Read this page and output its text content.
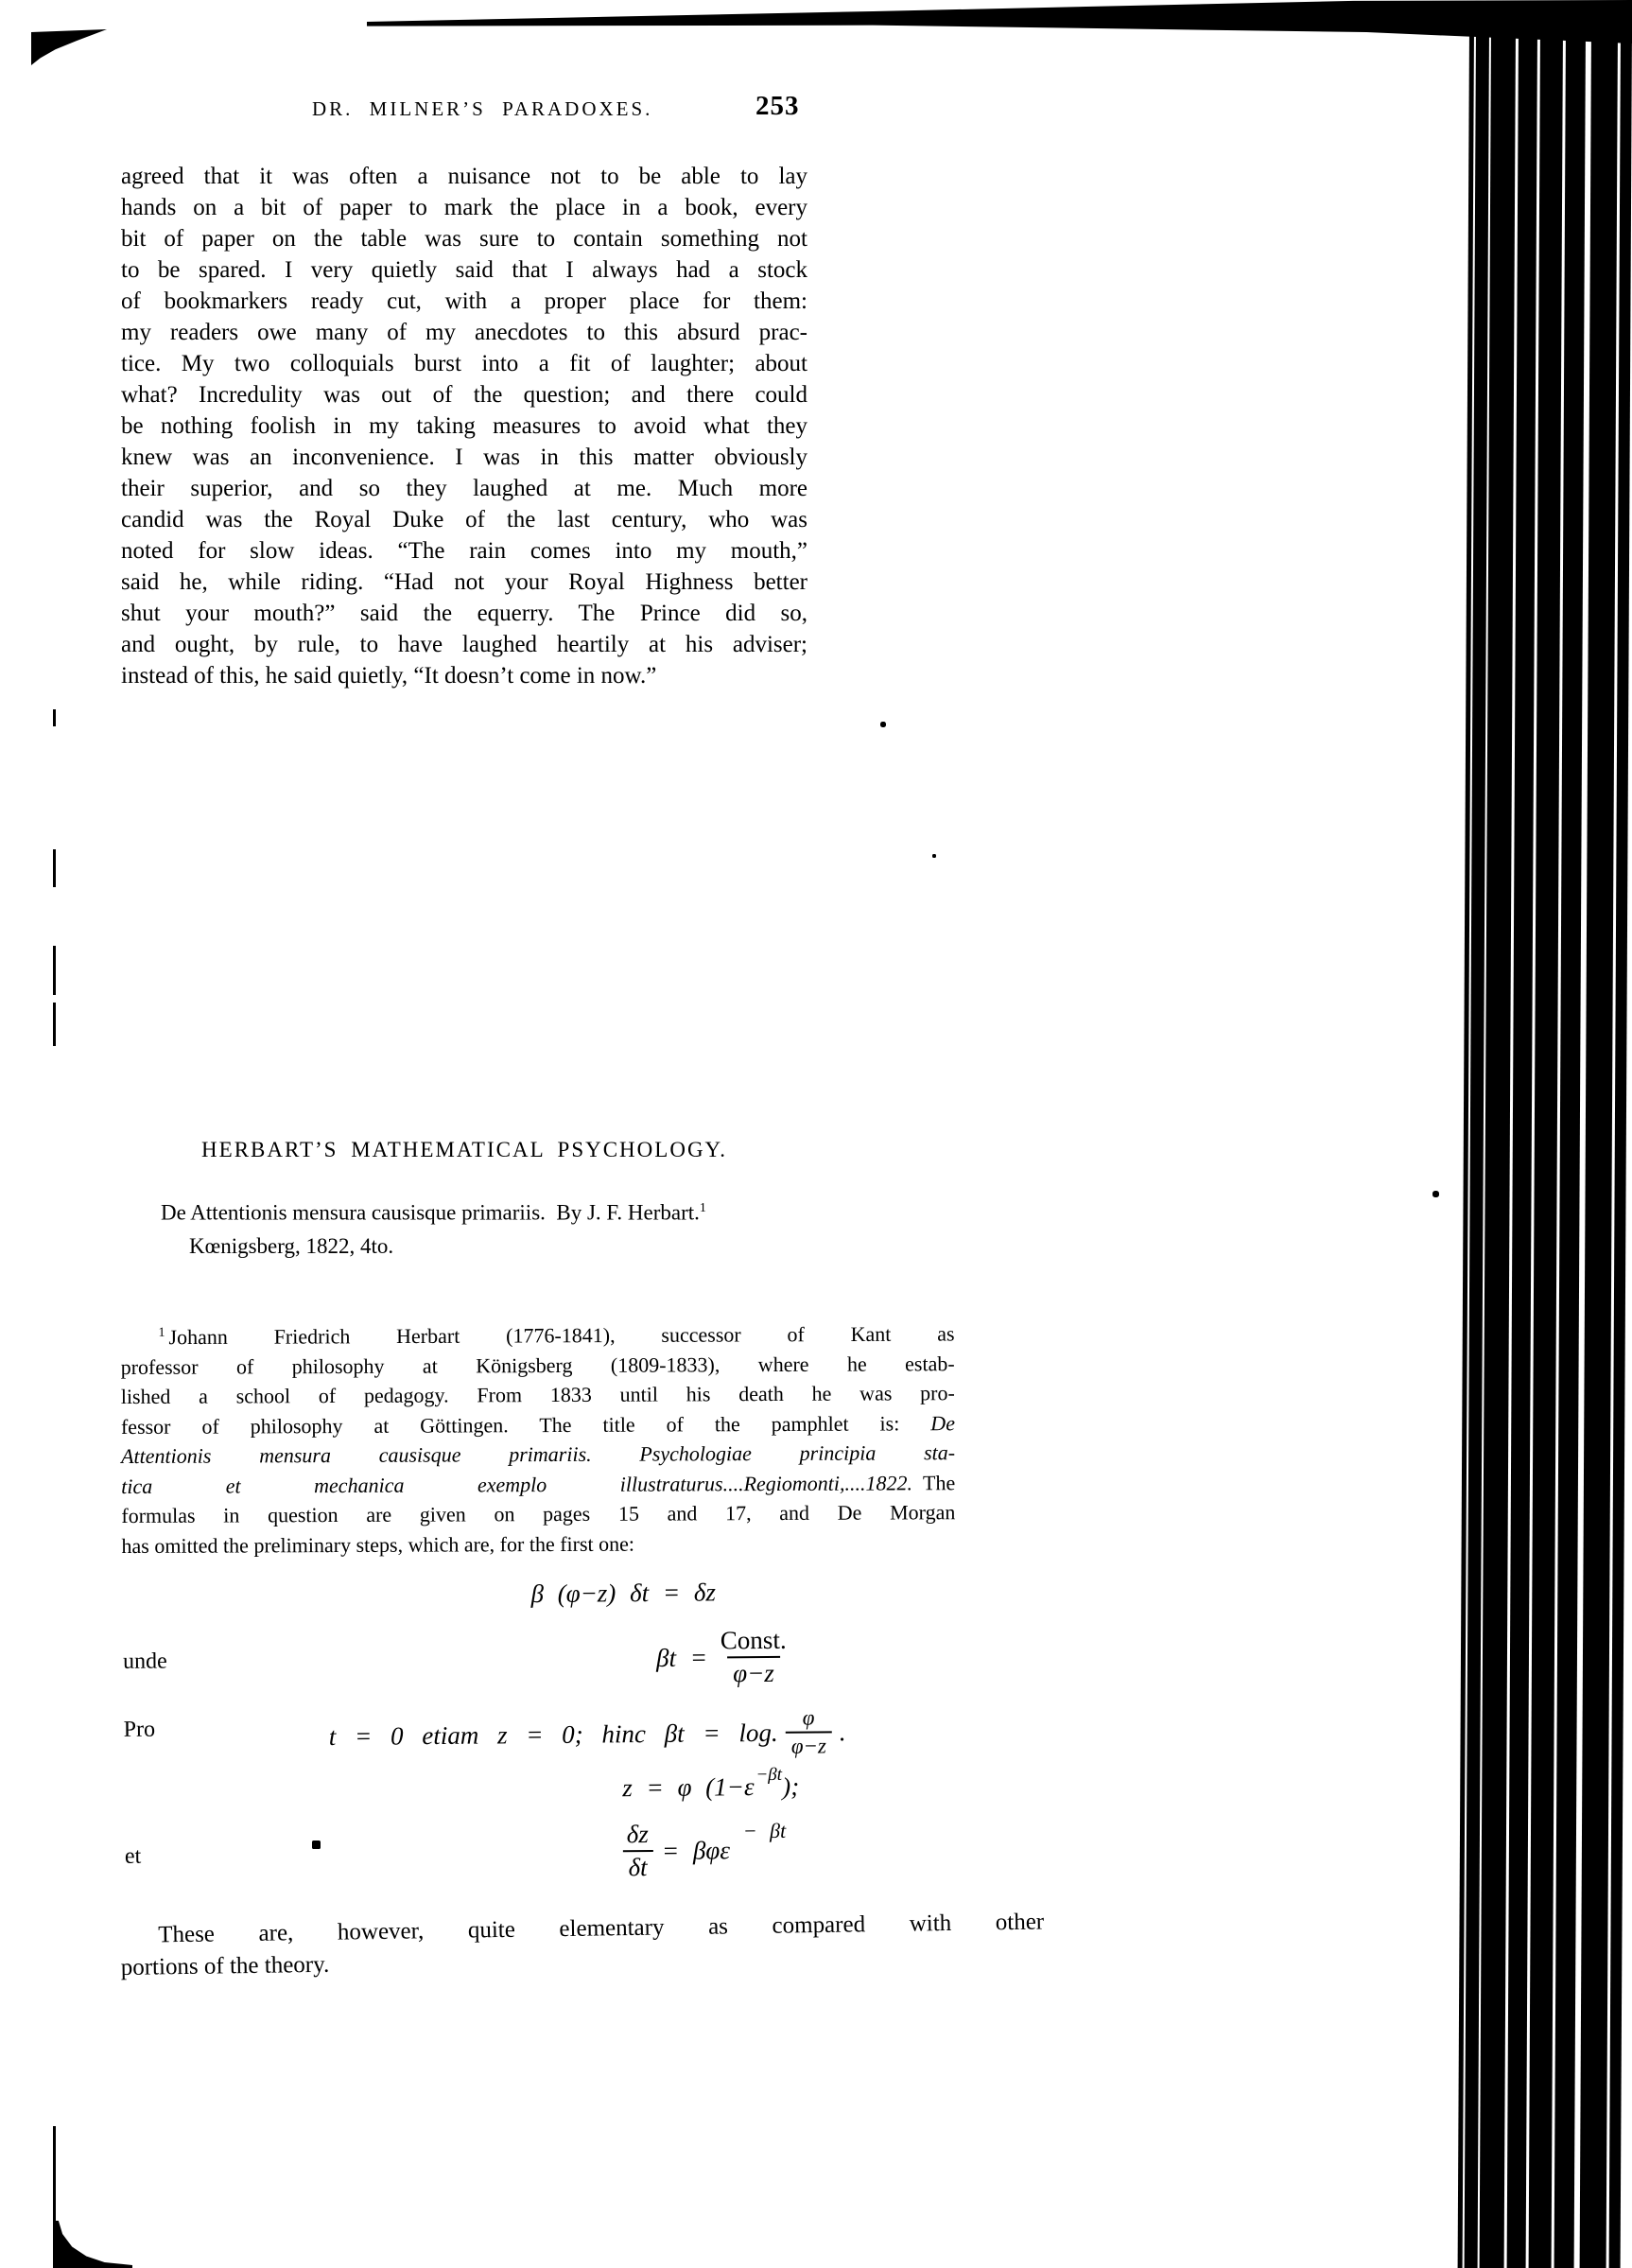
DR. MILNER’S PARADOXES.	253
agreed that it was often a nuisance not to be able to lay
hands on a bit of paper to mark the place in a book, every
bit of paper on the table was sure to contain something not
to be spared. I very quietly said that I always had a stock
of bookmarkers ready cut, with a proper place for them:
my readers owe many of my anecdotes to this absurd prac-
tice. My two colloquials burst into a fit of laughter; about
what? Incredulity was out of the question; and there could
be nothing foolish in my taking measures to avoid what they
knew was an inconvenience. I was in this matter obviously
their superior, and so they laughed at me. Much more
candid was the Royal Duke of the last century, who was
noted for slow ideas. “The rain comes into my mouth,”
said he, while riding. “Had not your Royal Highness better
shut your mouth?” said the equerry. The Prince did so,
and ought, by rule, to have laughed heartily at his adviser;
instead of this, he said quietly, “It doesn’t come in now.”
HERBART’S MATHEMATICAL PSYCHOLOGY.
De Attentionis mensura causisque primariis. By J. F. Herbart.$^1$
Kœnigsberg, 1822, 4to.
$^1$ Johann Friedrich Herbart (1776-1841), successor of Kant as
professor of philosophy at Königsberg (1809-1833), where he estab-
lished a school of pedagogy. From 1833 until his death he was pro-
fessor of philosophy at Göttingen. The title of the pamphlet is: De
Attentionis mensura causisque primariis. Psychologiae principia sta-
tica et mechanica exemplo illustraturus....Regiomonti,....1822. The
formulas in question are given on pages 15 and 17, and De Morgan
has omitted the preliminary steps, which are, for the first one:
β (φ−z) δt = δz
unde	$\beta t = \frac{\text{Const.}}{\varphi-z}$
Pro	t = 0 etiam z = 0; hinc βt = log. $\frac{\varphi}{\varphi-z}$ .
z = φ (1−ε −βt );
et	$\frac{\delta z}{\delta t} = \beta\varphi\varepsilon$
− βt
These are, however, quite elementary as compared with other
portions of the theory.
